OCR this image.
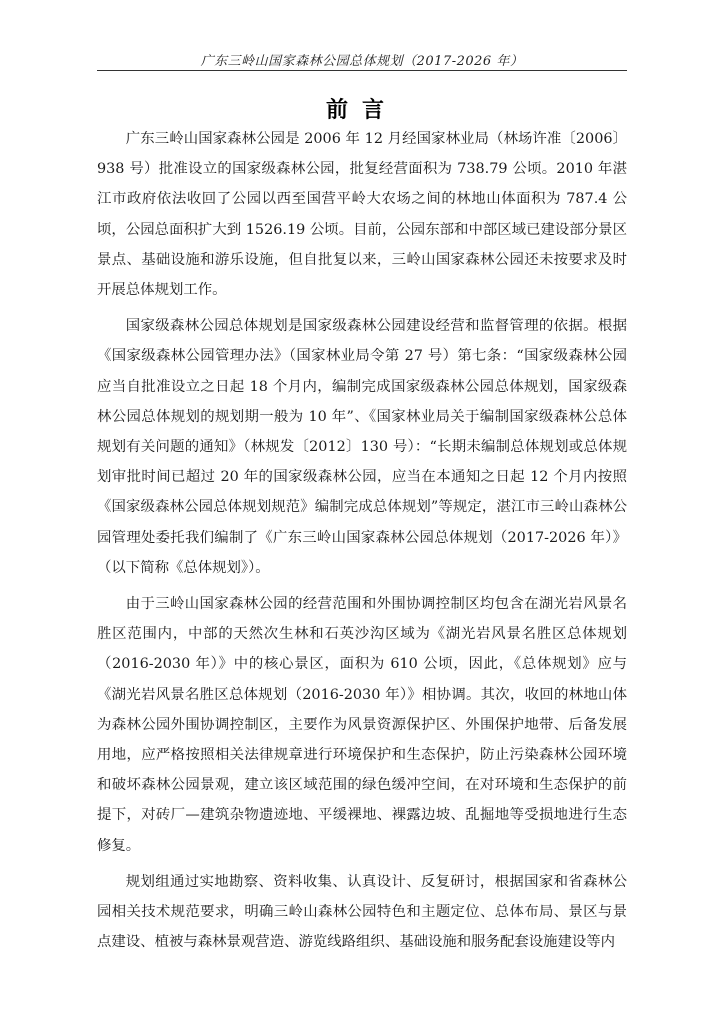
广东三岭山国家森林公园总体规划（2017-2026 年）
前言

广东三岭山国家森林公园是 2006 年 12 月经国家林业局（林场许准〔2006〕938 号）批准设立的国家级森林公园，批复经营面积为 738.79 公顷。2010 年湛江市政府依法收回了公园以西至国营平岭大农场之间的林地山体面积为 787.4 公顷，公园总面积扩大到 1526.19 公顷。目前，公园东部和中部区域已建设部分景区景点、基础设施和游乐设施，但自批复以来，三岭山国家森林公园还未按要求及时开展总体规划工作。

国家级森林公园总体规划是国家级森林公园建设经营和监督管理的依据。根据《国家级森林公园管理办法》（国家林业局令第 27 号）第七条：“国家级森林公园应当自批准设立之日起 18 个月内，编制完成国家级森林公园总体规划，国家级森林公园总体规划的规划期一般为 10 年”、《国家林业局关于编制国家级森林公总体规划有关问题的通知》（林规发〔2012〕130 号）：“长期未编制总体规划或总体规划审批时间已超过 20 年的国家级森林公园，应当在本通知之日起 12 个月内按照《国家级森林公园总体规划规范》编制完成总体规划”等规定，湛江市三岭山森林公园管理处委托我们编制了《广东三岭山国家森林公园总体规划（2017-2026 年）》（以下简称《总体规划》）。

由于三岭山国家森林公园的经营范围和外围协调控制区均包含在湖光岩风景名胜区范围内，中部的天然次生林和石英沙沟区域为《湖光岩风景名胜区总体规划（2016-2030 年）》中的核心景区，面积为 610 公顷，因此，《总体规划》应与《湖光岩风景名胜区总体规划（2016-2030 年）》相协调。其次，收回的林地山体为森林公园外围协调控制区，主要作为风景资源保护区、外围保护地带、后备发展用地，应严格按照相关法律规章进行环境保护和生态保护，防止污染森林公园环境和破坏森林公园景观，建立该区域范围的绿色缓冲空间，在对环境和生态保护的前提下，对砖厂—建筑杂物遗迹地、平缓裸地、裸露边坡、乱掘地等受损地进行生态修复。

规划组通过实地勘察、资料收集、认真设计、反复研讨，根据国家和省森林公园相关技术规范要求，明确三岭山森林公园特色和主题定位、总体布局、景区与景点建设、植被与森林景观营造、游览线路组织、基础设施和服务配套设施建设等内
